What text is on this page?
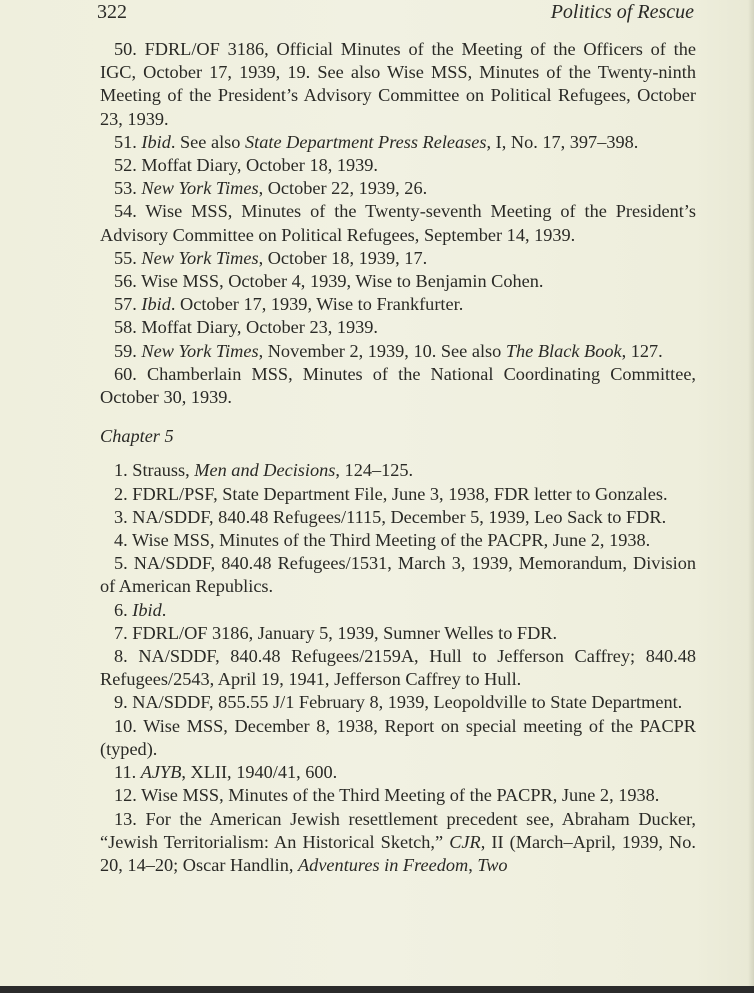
322	Politics of Rescue

50. FDRL/OF 3186, Official Minutes of the Meeting of the Officers of the IGC, October 17, 1939, 19. See also Wise MSS, Minutes of the Twenty-ninth Meeting of the President’s Advisory Committee on Political Refugees, October 23, 1939.

51. Ibid. See also State Department Press Releases, I, No. 17, 397–398.

52. Moffat Diary, October 18, 1939.

53. New York Times, October 22, 1939, 26.

54. Wise MSS, Minutes of the Twenty-seventh Meeting of the President’s Advisory Committee on Political Refugees, September 14, 1939.

55. New York Times, October 18, 1939, 17.

56. Wise MSS, October 4, 1939, Wise to Benjamin Cohen.

57. Ibid. October 17, 1939, Wise to Frankfurter.

58. Moffat Diary, October 23, 1939.

59. New York Times, November 2, 1939, 10. See also The Black Book, 127.

60. Chamberlain MSS, Minutes of the National Coordinating Committee, October 30, 1939.

Chapter 5

1. Strauss, Men and Decisions, 124–125.

2. FDRL/PSF, State Department File, June 3, 1938, FDR letter to Gonzales.

3. NA/SDDF, 840.48 Refugees/1115, December 5, 1939, Leo Sack to FDR.

4. Wise MSS, Minutes of the Third Meeting of the PACPR, June 2, 1938.

5. NA/SDDF, 840.48 Refugees/1531, March 3, 1939, Memorandum, Division of American Republics.

6. Ibid.

7. FDRL/OF 3186, January 5, 1939, Sumner Welles to FDR.

8. NA/SDDF, 840.48 Refugees/2159A, Hull to Jefferson Caffrey; 840.48 Refugees/2543, April 19, 1941, Jefferson Caffrey to Hull.

9. NA/SDDF, 855.55 J/1 February 8, 1939, Leopoldville to State Department.

10. Wise MSS, December 8, 1938, Report on special meeting of the PACPR (typed).

11. AJYB, XLII, 1940/41, 600.

12. Wise MSS, Minutes of the Third Meeting of the PACPR, June 2, 1938.

13. For the American Jewish resettlement precedent see, Abraham Ducker, “Jewish Territorialism: An Historical Sketch,” CJR, II (March–April, 1939, No. 20, 14–20; Oscar Handlin, Adventures in Freedom, Two
